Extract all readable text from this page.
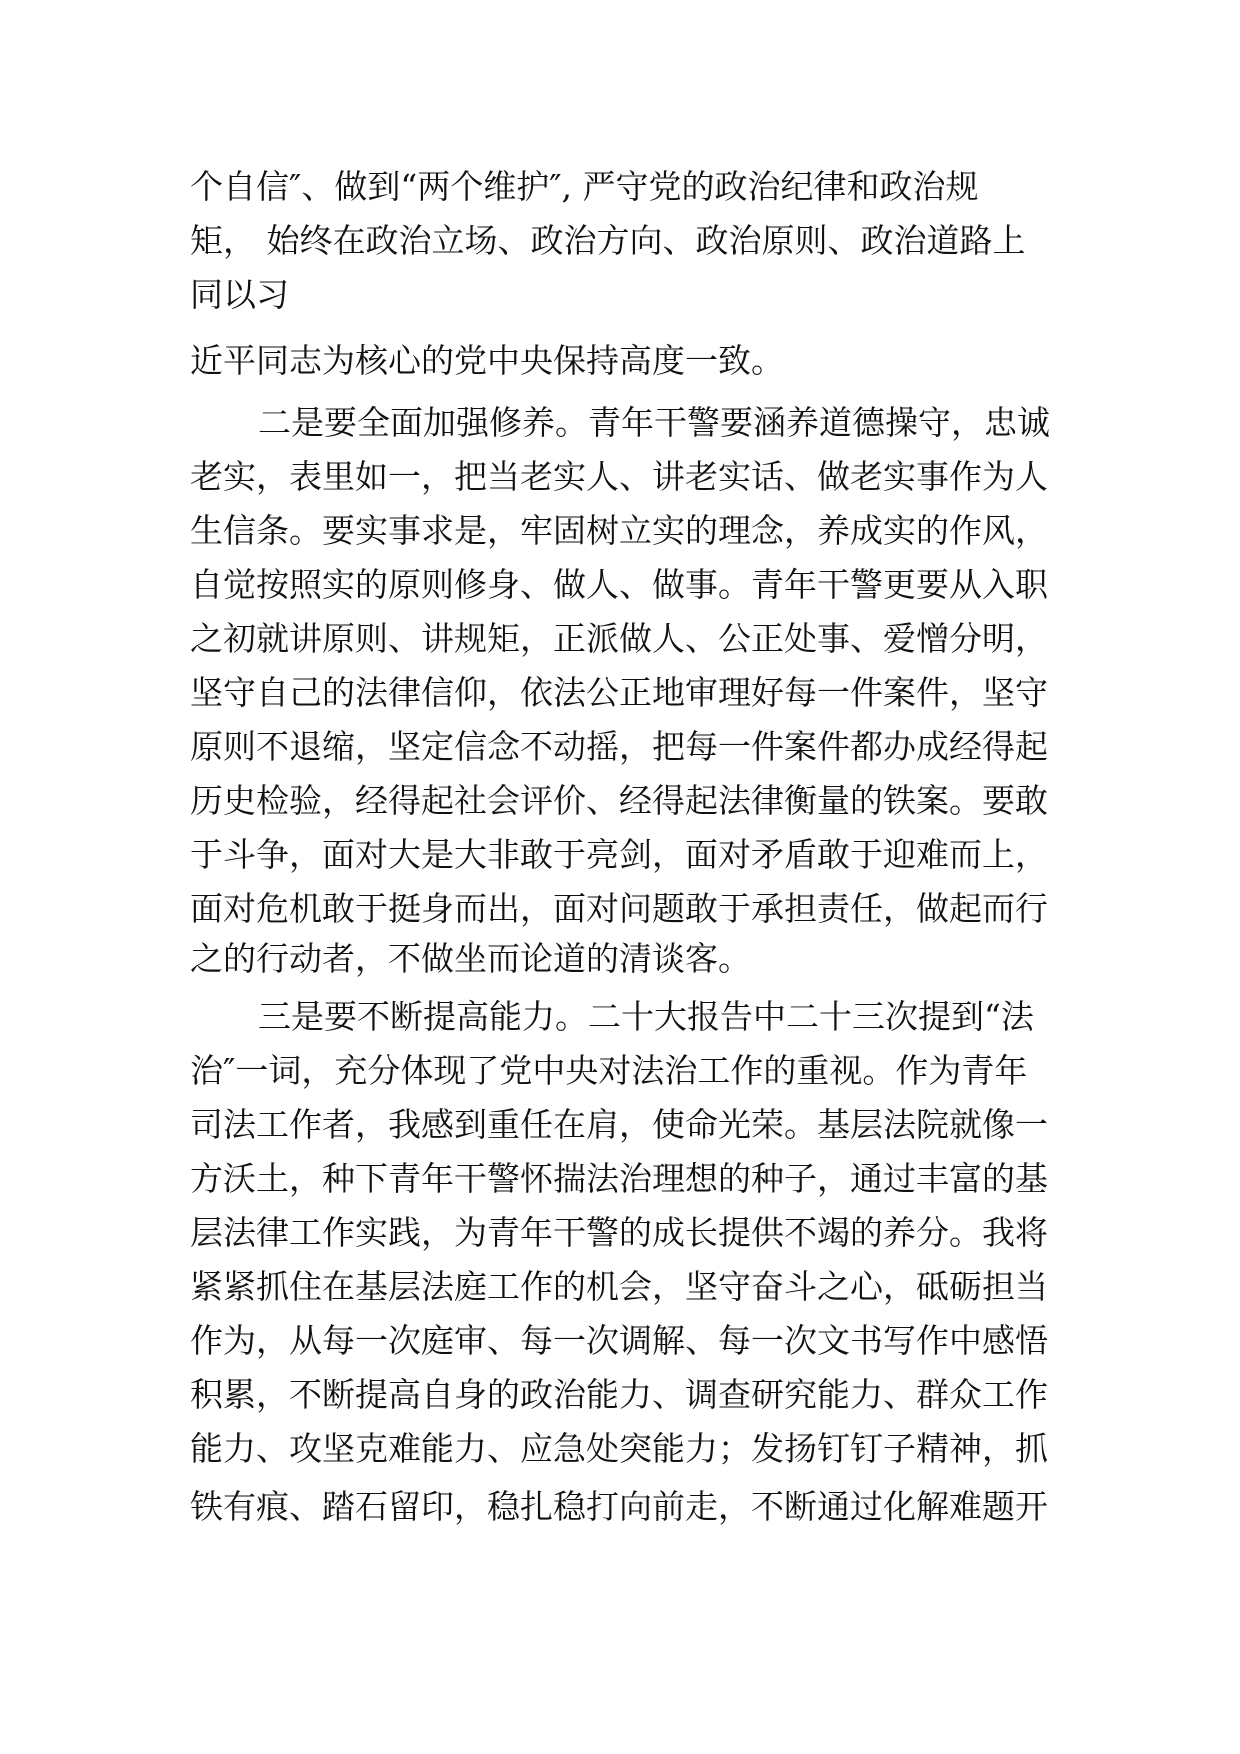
个自信″、做到“两个维护″, 严守党的政治纪律和政治规
矩， 始终在政治立场、政治方向、政治原则、政治道路上
同以习
近平同志为核心的党中央保持高度一致。
二是要全面加强修养。青年干警要涵养道德操守，忠诚
老实，表里如一，把当老实人、讲老实话、做老实事作为人
生信条。要实事求是，牢固树立实的理念，养成实的作风，
自觉按照实的原则修身、做人、做事。青年干警更要从入职
之初就讲原则、讲规矩，正派做人、公正处事、爱憎分明，
坚守自己的法律信仰，依法公正地审理好每一件案件，坚守
原则不退缩，坚定信念不动摇，把每一件案件都办成经得起
历史检验，经得起社会评价、经得起法律衡量的铁案。要敢
于斗争，面对大是大非敢于亮剑，面对矛盾敢于迎难而上，
面对危机敢于挺身而出，面对问题敢于承担责任，做起而行
之的行动者，不做坐而论道的清谈客。
三是要不断提高能力。二十大报告中二十三次提到“法
治″一词，充分体现了党中央对法治工作的重视。作为青年
司法工作者，我感到重任在肩，使命光荣。基层法院就像一
方沃土，种下青年干警怀揣法治理想的种子，通过丰富的基
层法律工作实践，为青年干警的成长提供不竭的养分。我将
紧紧抓住在基层法庭工作的机会，坚守奋斗之心，砥砺担当
作为，从每一次庭审、每一次调解、每一次文书写作中感悟
积累，不断提高自身的政治能力、调查研究能力、群众工作
能力、攻坚克难能力、应急处突能力；发扬钉钉子精神，抓
铁有痕、踏石留印，稳扎稳打向前走，不断通过化解难题开
